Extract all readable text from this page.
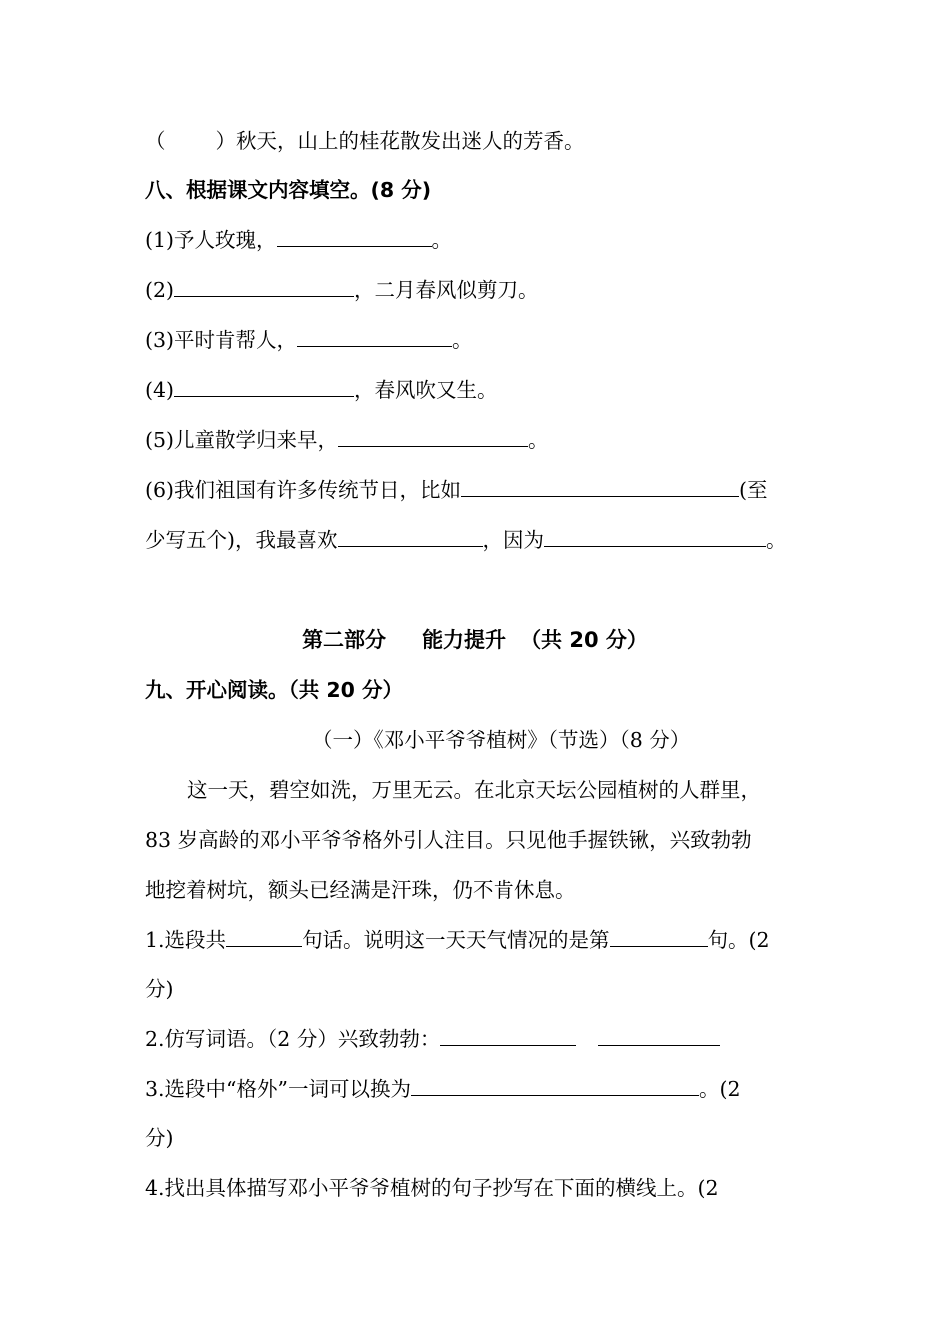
（ ）秋天，山上的桂花散发出迷人的芳香。
八、根据课文内容填空。(8 分)
(1)予人玫瑰，	。
(2)	，二月春风似剪刀。
(3)平时肯帮人，	。
(4)	，春风吹又生。
(5)儿童散学归来早，	。
(6)我们祖国有许多传统节日，比如	(至
少写五个)，我最喜欢	，因为	。
第二部分 能力提升 （共 20 分）
九、开心阅读。（共 20 分）
（一）《邓小平爷爷植树》（节选）（8 分）
这一天，碧空如洗，万里无云。在北京天坛公园植树的人群里，
83 岁高龄的邓小平爷爷格外引人注目。只见他手握铁锹，兴致勃勃
地挖着树坑，额头已经满是汗珠，仍不肯休息。
1.选段共	句话。说明这一天天气情况的是第	句。(2
分)
2.仿写词语。（2 分）兴致勃勃：
3.选段中“格外”一词可以换为	。(2
分)
4.找出具体描写邓小平爷爷植树的句子抄写在下面的横线上。(2
